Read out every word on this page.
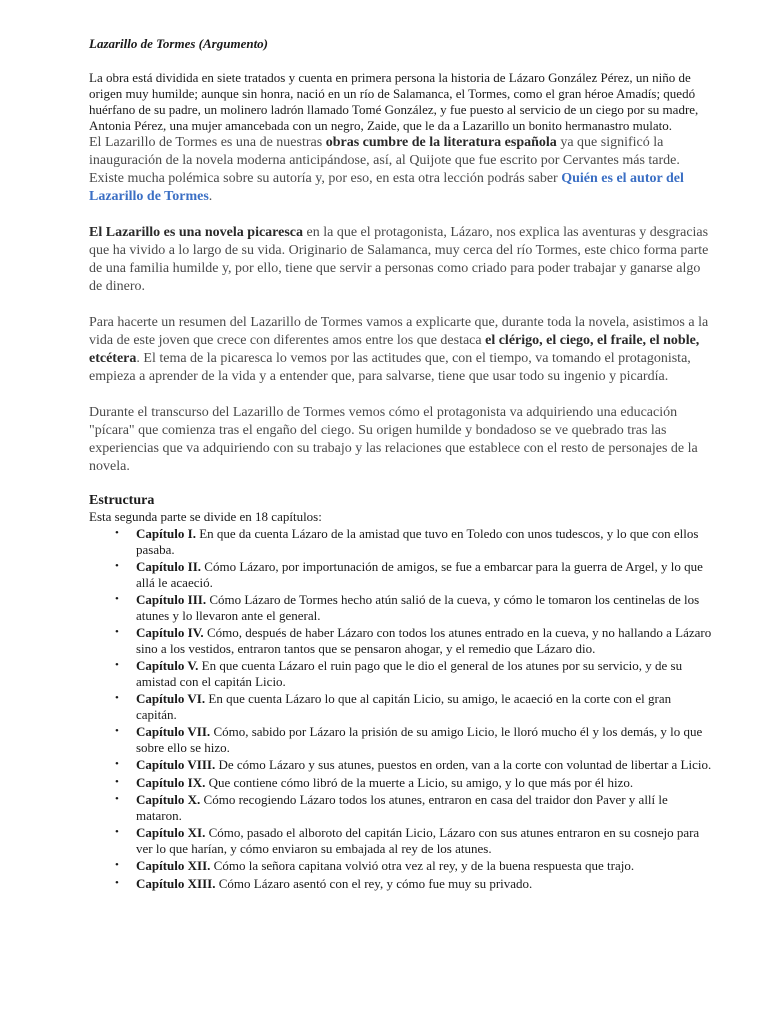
Lazarillo de Tormes (Argumento)

La obra está dividida en siete tratados y cuenta en primera persona la historia de Lázaro González Pérez, un niño de origen muy humilde; aunque sin honra, nació en un río de Salamanca, el Tormes, como el gran héroe Amadís; quedó huérfano de su padre, un molinero ladrón llamado Tomé González, y fue puesto al servicio de un ciego por su madre, Antonia Pérez, una mujer amancebada con un negro, Zaide, que le da a Lazarillo un bonito hermanastro mulato.

El Lazarillo de Tormes es una de nuestras obras cumbre de la literatura española ya que significó la inauguración de la novela moderna anticipándose, así, al Quijote que fue escrito por Cervantes más tarde. Existe mucha polémica sobre su autoría y, por eso, en esta otra lección podrás saber Quién es el autor del Lazarillo de Tormes.

El Lazarillo es una novela picaresca en la que el protagonista, Lázaro, nos explica las aventuras y desgracias que ha vivido a lo largo de su vida. Originario de Salamanca, muy cerca del río Tormes, este chico forma parte de una familia humilde y, por ello, tiene que servir a personas como criado para poder trabajar y ganarse algo de dinero.

Para hacerte un resumen del Lazarillo de Tormes vamos a explicarte que, durante toda la novela, asistimos a la vida de este joven que crece con diferentes amos entre los que destaca el clérigo, el ciego, el fraile, el noble, etcétera. El tema de la picaresca lo vemos por las actitudes que, con el tiempo, va tomando el protagonista, empieza a aprender de la vida y a entender que, para salvarse, tiene que usar todo su ingenio y picardía.

Durante el transcurso del Lazarillo de Tormes vemos cómo el protagonista va adquiriendo una educación "pícara" que comienza tras el engaño del ciego. Su origen humilde y bondadoso se ve quebrado tras las experiencias que va adquiriendo con su trabajo y las relaciones que establece con el resto de personajes de la novela.

Estructura

Esta segunda parte se divide en 18 capítulos:

• Capítulo I. En que da cuenta Lázaro de la amistad que tuvo en Toledo con unos tudescos, y lo que con ellos pasaba.
• Capítulo II. Cómo Lázaro, por importunación de amigos, se fue a embarcar para la guerra de Argel, y lo que allá le acaeció.
• Capítulo III. Cómo Lázaro de Tormes hecho atún salió de la cueva, y cómo le tomaron los centinelas de los atunes y lo llevaron ante el general.
• Capítulo IV. Cómo, después de haber Lázaro con todos los atunes entrado en la cueva, y no hallando a Lázaro sino a los vestidos, entraron tantos que se pensaron ahogar, y el remedio que Lázaro dio.
• Capítulo V. En que cuenta Lázaro el ruin pago que le dio el general de los atunes por su servicio, y de su amistad con el capitán Licio.
• Capítulo VI. En que cuenta Lázaro lo que al capitán Licio, su amigo, le acaeció en la corte con el gran capitán.
• Capítulo VII. Cómo, sabido por Lázaro la prisión de su amigo Licio, le lloró mucho él y los demás, y lo que sobre ello se hizo.
• Capítulo VIII. De cómo Lázaro y sus atunes, puestos en orden, van a la corte con voluntad de libertar a Licio.
• Capítulo IX. Que contiene cómo libró de la muerte a Licio, su amigo, y lo que más por él hizo.
• Capítulo X. Cómo recogiendo Lázaro todos los atunes, entraron en casa del traidor don Paver y allí le mataron.
• Capítulo XI. Cómo, pasado el alboroto del capitán Licio, Lázaro con sus atunes entraron en su cosnejo para ver lo que harían, y cómo enviaron su embajada al rey de los atunes.
• Capítulo XII. Cómo la señora capitana volvió otra vez al rey, y de la buena respuesta que trajo.
• Capítulo XIII. Cómo Lázaro asentó con el rey, y cómo fue muy su privado.
